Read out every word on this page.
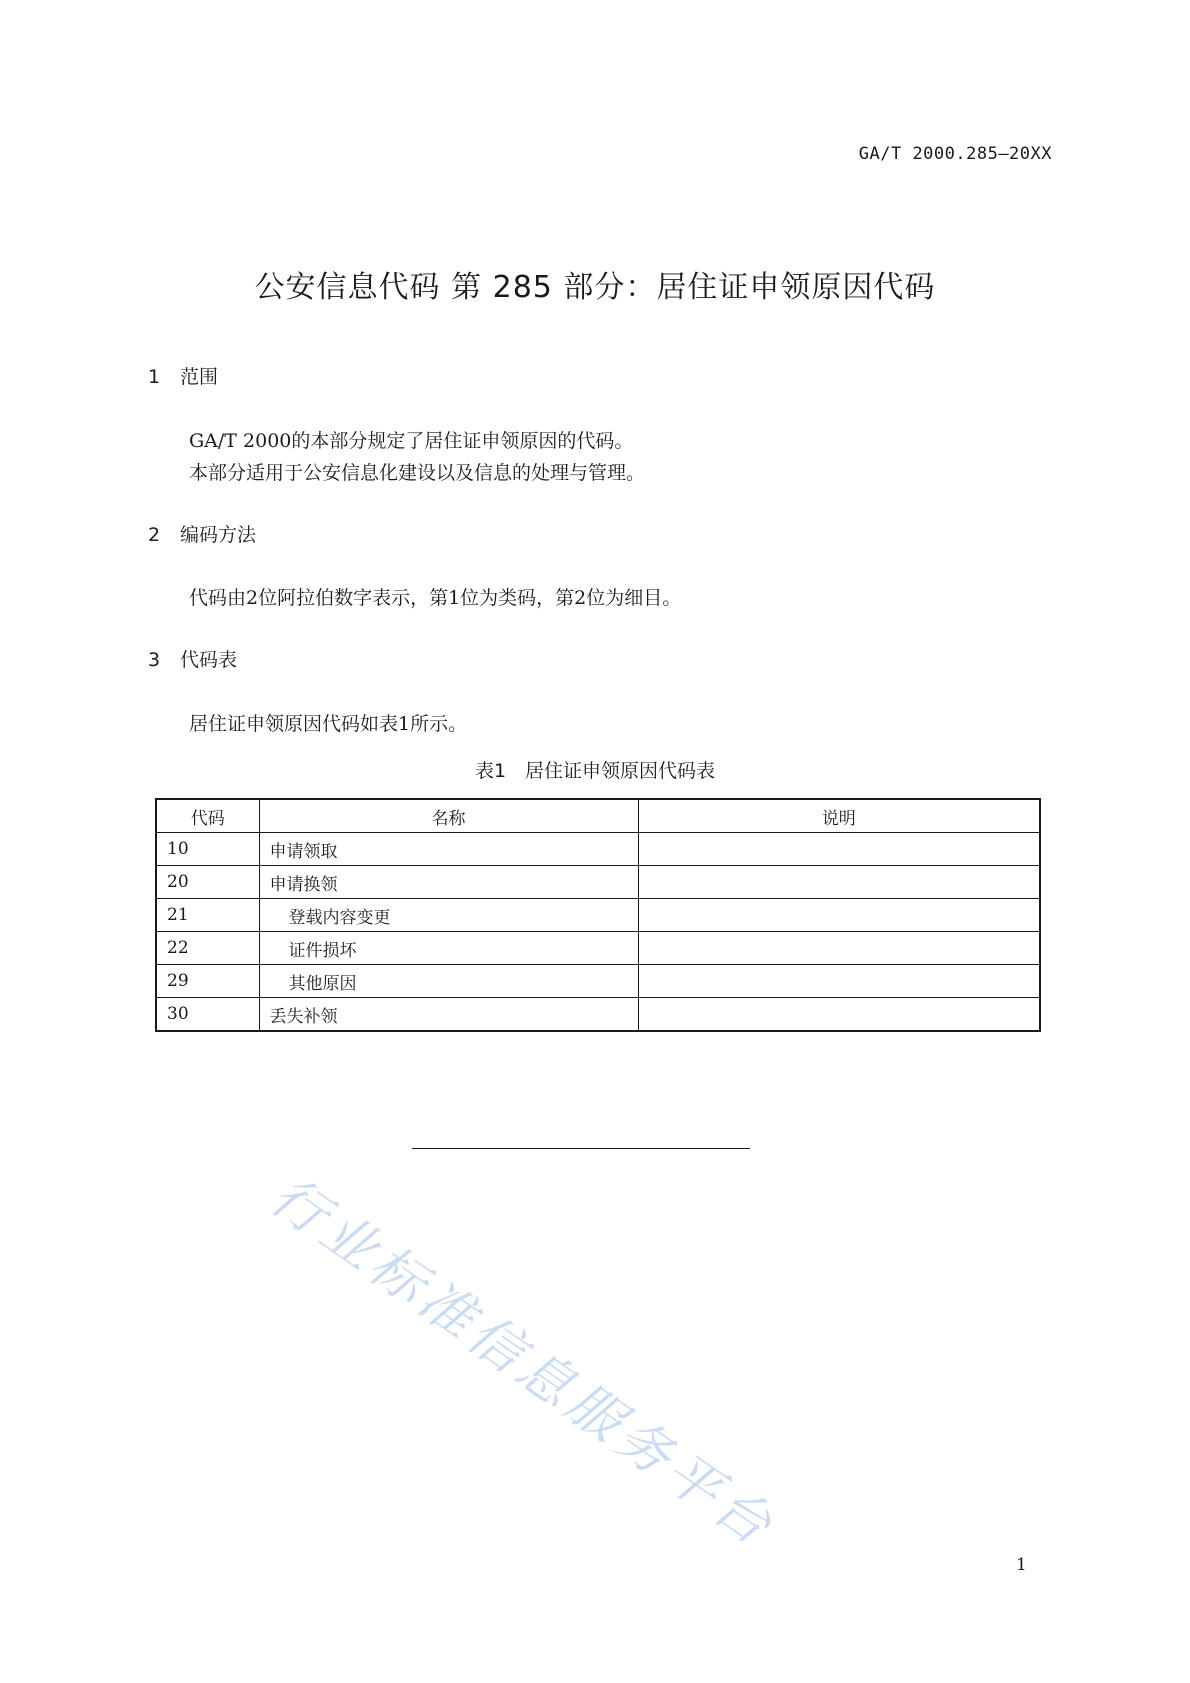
GA/T 2000.285—20XX
公安信息代码 第 285 部分：居住证申领原因代码
1 范围
GA/T 2000的本部分规定了居住证申领原因的代码。
本部分适用于公安信息化建设以及信息的处理与管理。
2 编码方法
代码由2位阿拉伯数字表示，第1位为类码，第2位为细目。
3 代码表
居住证申领原因代码如表1所示。
表1　居住证申领原因代码表
代码	名称	说明
10	申请领取	
20	申请换领	
21	登载内容变更	
22	证件损坏	
29	其他原因	
30	丢失补领	
行业标准信息服务平台
1
